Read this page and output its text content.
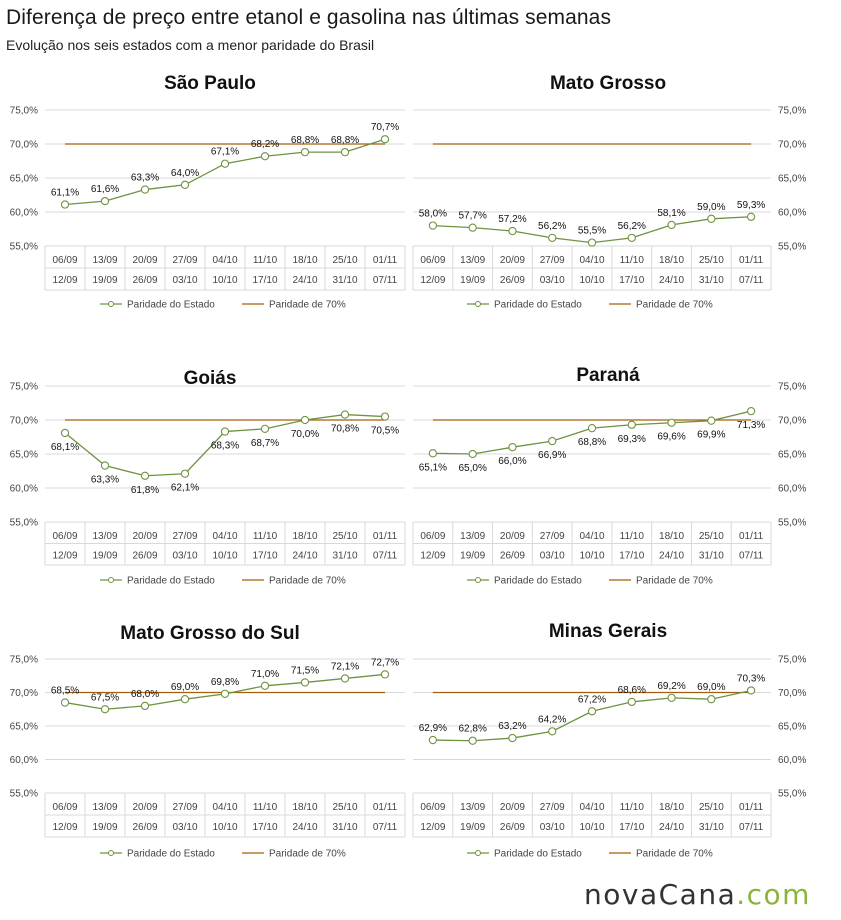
Diferença de preço entre etanol e gasolina nas últimas semanas
Evolução nos seis estados com a menor paridade do Brasil
São Paulo
75,0%
70,0%
65,0%
60,0%
55,0%
06/09
12/09
13/09
19/09
20/09
26/09
27/09
03/10
04/10
10/10
11/10
17/10
18/10
24/10
25/10
31/10
01/11
07/11
61,1% 61,6%
63,3% 64,0%
67,1%
68,2% 68,8% 68,8%
70,7%
Paridade do Estado	Paridade de 70%
Mato Grosso
75,0%
70,0%
65,0%
60,0%
55,0%
06/09
12/09
13/09
19/09
20/09
26/09
27/09
03/10
04/10
10/10
11/10
17/10
18/10
24/10
25/10
31/10
01/11
07/11
58,0% 57,7% 57,2%
56,2% 55,5% 56,2%
58,1%
59,0% 59,3%
Paridade do Estado	Paridade de 70%
Goiás
75,0%
70,0%
65,0%
60,0%
55,0%
06/09
12/09
13/09
19/09
20/09
26/09
27/09
03/10
04/10
10/10
11/10
17/10
18/10
24/10
25/10
31/10
01/11
07/11
68,1%
63,3%
61,8% 62,1%
68,3% 68,7%
70,0% 70,8% 70,5%
Paridade do Estado	Paridade de 70%
Paraná
75,0%
70,0%
65,0%
60,0%
55,0%
06/09
12/09
13/09
19/09
20/09
26/09
27/09
03/10
04/10
10/10
11/10
17/10
18/10
24/10
25/10
31/10
01/11
07/11
65,1% 65,0%
66,0%
66,9%
68,8% 69,3% 69,6% 69,9%
71,3%
Paridade do Estado	Paridade de 70%
Mato Grosso do Sul
75,0%
70,0%
65,0%
60,0%
55,0%
06/09
12/09
13/09
19/09
20/09
26/09
27/09
03/10
04/10
10/10
11/10
17/10
18/10
24/10
25/10
31/10
01/11
07/11
68,5%
67,5% 68,0%
69,0% 69,8%
71,0% 71,5% 72,1% 72,7%
Paridade do Estado	Paridade de 70%
Minas Gerais
75,0%
70,0%
65,0%
60,0%
55,0%
06/09
12/09
13/09
19/09
20/09
26/09
27/09
03/10
04/10
10/10
11/10
17/10
18/10
24/10
25/10
31/10
01/11
07/11
62,9% 62,8% 63,2%
64,2%
67,2%
68,6% 69,2% 69,0%
70,3%
Paridade do Estado	Paridade de 70%
novaCana.com
